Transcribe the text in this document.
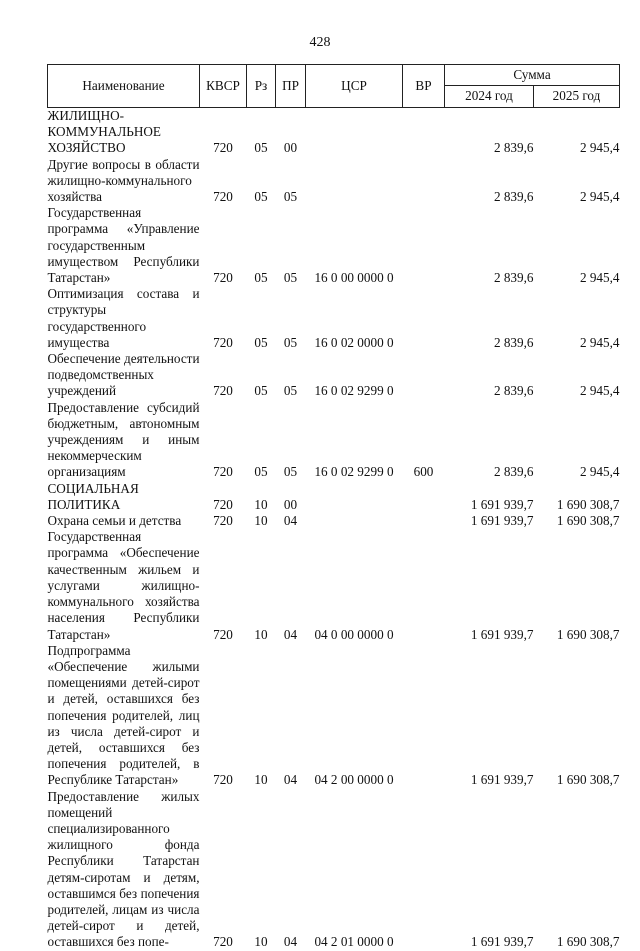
428
Наименование	КВСР	Рз	ПР	ЦСР	ВР	Сумма	
						2024 год	2025 год

ЖИЛИЩНО-КОММУНАЛЬНОЕ ХОЗЯЙСТВО	720	05	00			2 839,6	2 945,4

Другие вопросы в области жилищно-коммунального хозяйства	720	05	05			2 839,6	2 945,4

Государственная программа «Управление государственным имуществом Республики Татарстан»	720	05	05	16 0 00 0000 0		2 839,6	2 945,4

Оптимизация состава и структуры государственного имущества	720	05	05	16 0 02 0000 0		2 839,6	2 945,4

Обеспечение деятельности подведомственных учреждений	720	05	05	16 0 02 9299 0		2 839,6	2 945,4

Предоставление субсидий бюджетным, автономным учреждениям и иным некоммерческим организациям	720	05	05	16 0 02 9299 0	600	2 839,6	2 945,4

СОЦИАЛЬНАЯ ПОЛИТИКА	720	10	00			1 691 939,7	1 690 308,7

Охрана семьи и детства	720	10	04			1 691 939,7	1 690 308,7

Государственная программа «Обеспечение качественным жильем и услугами жилищно-коммунального хозяйства населения Республики Татарстан»	720	10	04	04 0 00 0000 0		1 691 939,7	1 690 308,7

Подпрограмма «Обеспечение жилыми помещениями детей-сирот и детей, оставшихся без попечения родителей, лиц из числа детей-сирот и детей, оставшихся без попечения родителей, в Республике Татарстан»	720	10	04	04 2 00 0000 0		1 691 939,7	1 690 308,7

Предоставление жилых помещений специализированного жилищного фонда Республики Татарстан детям-сиротам и детям, оставшимся без попечения родителей, лицам из числа детей-сирот и детей, оставшихся без попе-	720	10	04	04 2 01 0000 0		1 691 939,7	1 690 308,7
